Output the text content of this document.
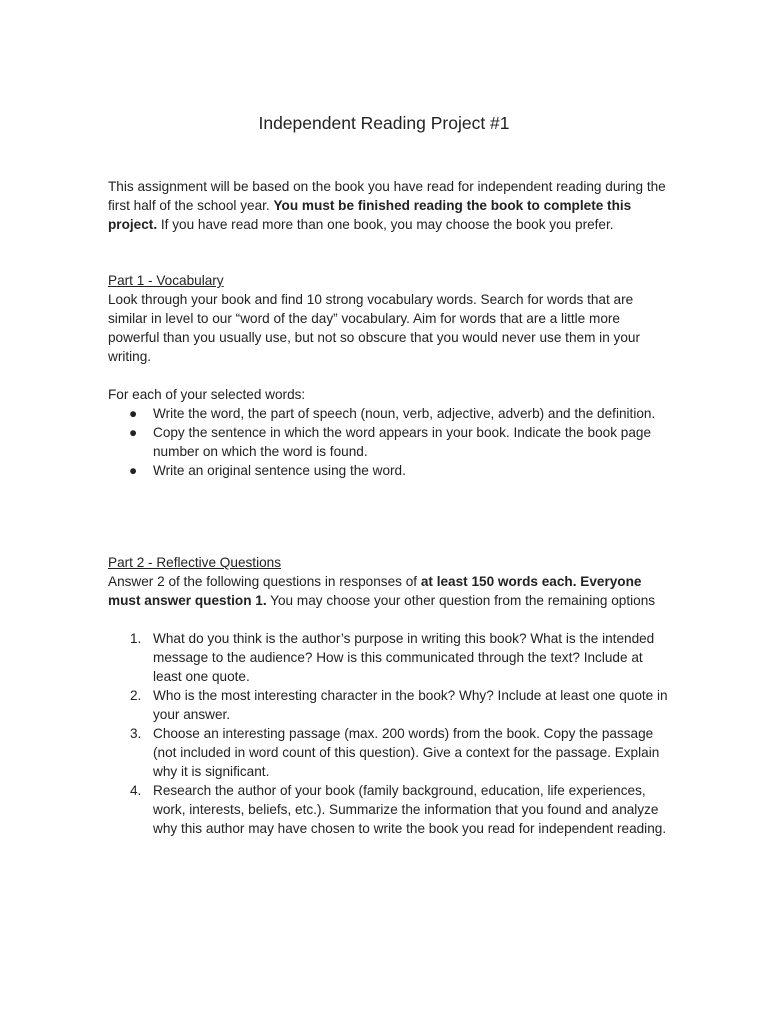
Independent Reading Project #1

This assignment will be based on the book you have read for independent reading during the first half of the school year. You must be finished reading the book to complete this project. If you have read more than one book, you may choose the book you prefer.

Part 1 - Vocabulary

Look through your book and find 10 strong vocabulary words. Search for words that are similar in level to our “word of the day” vocabulary. Aim for words that are a little more powerful than you usually use, but not so obscure that you would never use them in your writing.

For each of your selected words:

● Write the word, the part of speech (noun, verb, adjective, adverb) and the definition.
● Copy the sentence in which the word appears in your book. Indicate the book page number on which the word is found.
● Write an original sentence using the word.

Part 2 - Reflective Questions

Answer 2 of the following questions in responses of at least 150 words each. Everyone must answer question 1. You may choose your other question from the remaining options

1. What do you think is the author’s purpose in writing this book? What is the intended message to the audience? How is this communicated through the text? Include at least one quote.
2. Who is the most interesting character in the book? Why? Include at least one quote in your answer.
3. Choose an interesting passage (max. 200 words) from the book. Copy the passage (not included in word count of this question). Give a context for the passage. Explain why it is significant.
4. Research the author of your book (family background, education, life experiences, work, interests, beliefs, etc.). Summarize the information that you found and analyze why this author may have chosen to write the book you read for independent reading.
